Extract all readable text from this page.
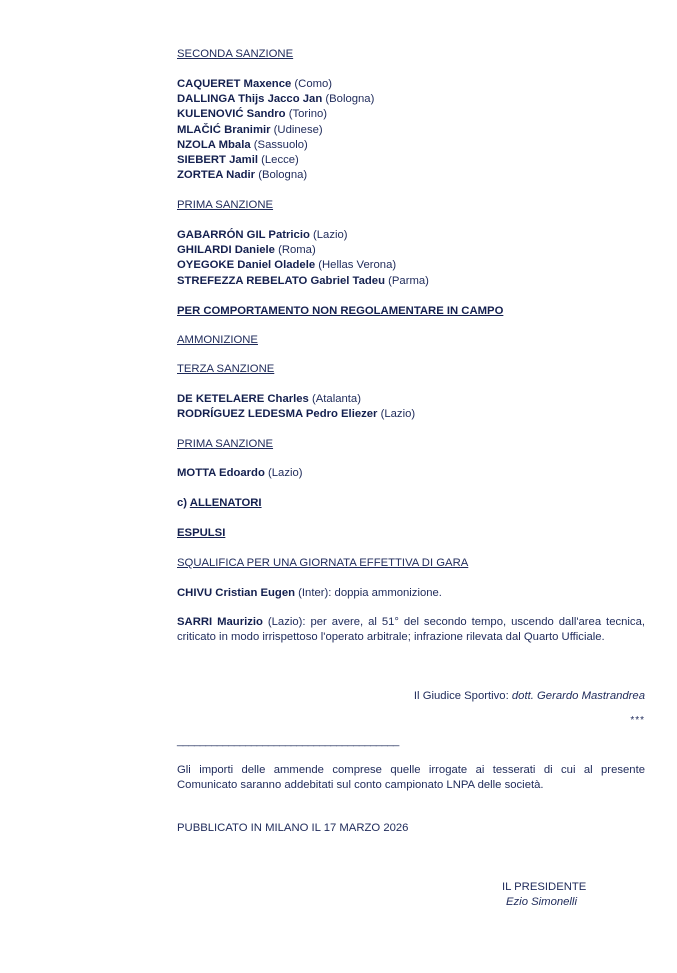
SECONDA SANZIONE
CAQUERET Maxence (Como)
DALLINGA Thijs Jacco Jan (Bologna)
KULENOVIĆ Sandro (Torino)
MLAČIĆ Branimir (Udinese)
NZOLA Mbala (Sassuolo)
SIEBERT Jamil (Lecce)
ZORTEA Nadir (Bologna)
PRIMA SANZIONE
GABARRÓN GIL Patricio (Lazio)
GHILARDI Daniele (Roma)
OYEGOKE Daniel Oladele (Hellas Verona)
STREFEZZA REBELATO Gabriel Tadeu (Parma)
PER COMPORTAMENTO NON REGOLAMENTARE IN CAMPO
AMMONIZIONE
TERZA SANZIONE
DE KETELAERE Charles (Atalanta)
RODRÍGUEZ LEDESMA Pedro Eliezer (Lazio)
PRIMA SANZIONE
MOTTA Edoardo (Lazio)
c) ALLENATORI
ESPULSI
SQUALIFICA PER UNA GIORNATA EFFETTIVA DI GARA
CHIVU Cristian Eugen (Inter): doppia ammonizione.
SARRI Maurizio (Lazio): per avere, al 51° del secondo tempo, uscendo dall'area tecnica, criticato in modo irrispettoso l'operato arbitrale; infrazione rilevata dal Quarto Ufficiale.
Il Giudice Sportivo: dott. Gerardo Mastrandrea
***
_______________________________________
Gli importi delle ammende comprese quelle irrogate ai tesserati di cui al presente Comunicato saranno addebitati sul conto campionato LNPA delle società.
PUBBLICATO IN MILANO IL 17 MARZO 2026
IL PRESIDENTE
Ezio Simonelli
